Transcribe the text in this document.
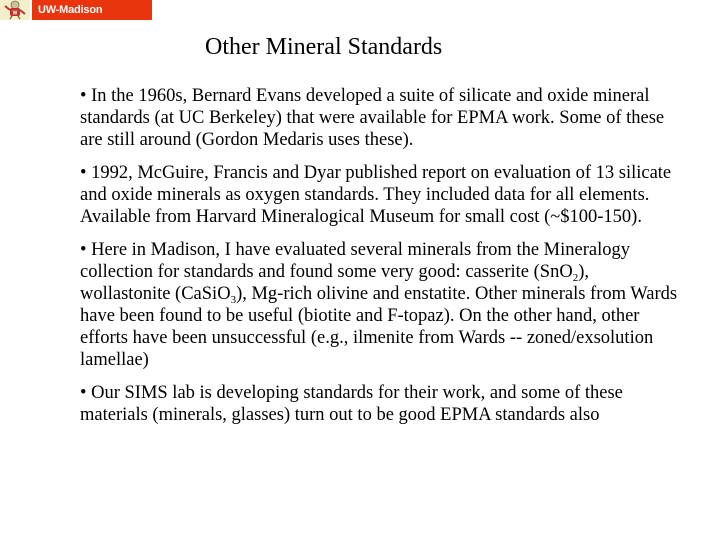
W	UW-Madison Geology 777
Other Mineral Standards

• In the 1960s, Bernard Evans developed a suite of silicate and oxide mineral standards (at UC Berkeley) that were available for EPMA work. Some of these are still around (Gordon Medaris uses these).

• 1992, McGuire, Francis and Dyar published report on evaluation of 13 silicate and oxide minerals as oxygen standards. They included data for all elements. Available from Harvard Mineralogical Museum for small cost (~$100-150).

• Here in Madison, I have evaluated several minerals from the Mineralogy collection for standards and found some very good: casserite (SnO$_2$), wollastonite (CaSiO$_3$), Mg-rich olivine and enstatite. Other minerals from Wards have been found to be useful (biotite and F-topaz). On the other hand, other efforts have been unsuccessful (e.g., ilmenite from Wards -- zoned/exsolution lamellae)

• Our SIMS lab is developing standards for their work, and some of these materials (minerals, glasses) turn out to be good EPMA standards also
